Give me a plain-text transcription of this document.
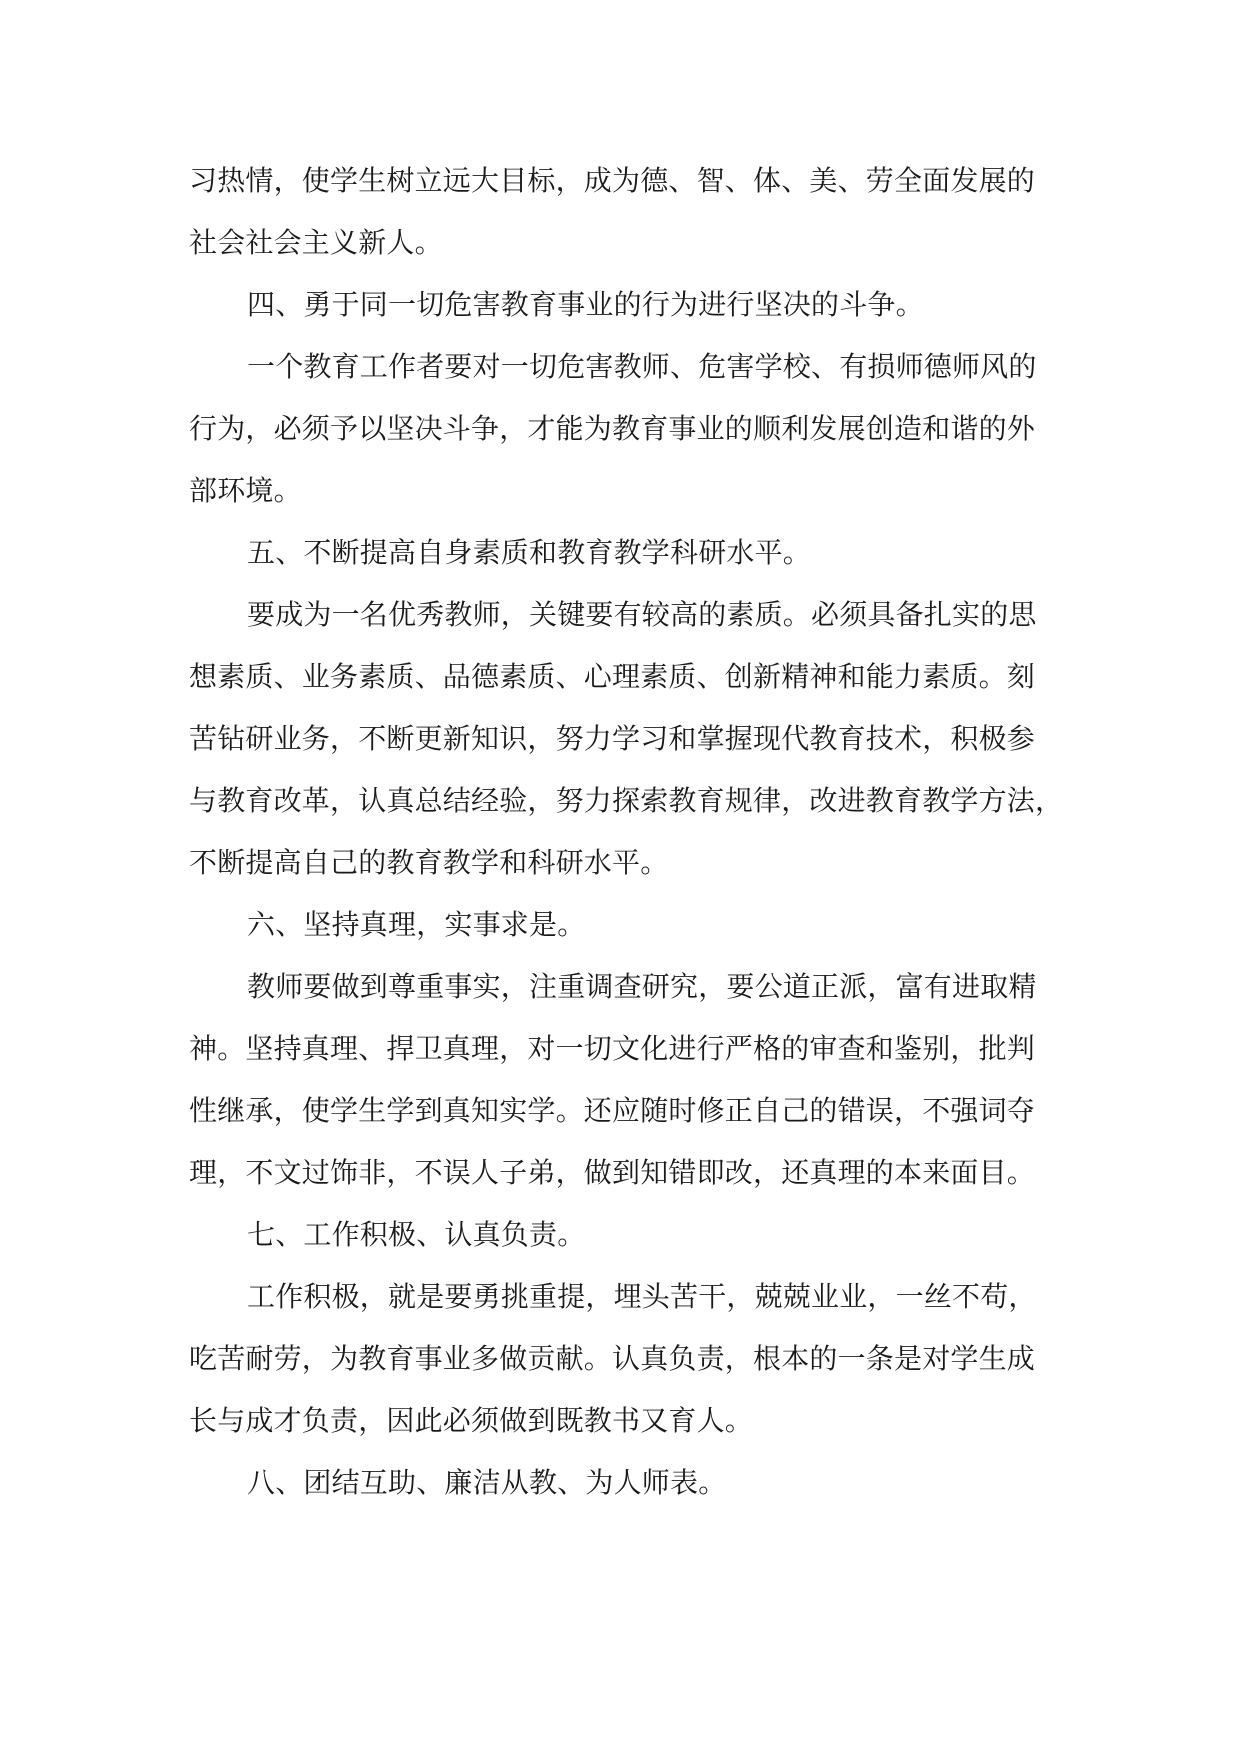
习热情，使学生树立远大目标，成为德、智、体、美、劳全面发展的
社会社会主义新人。
四、勇于同一切危害教育事业的行为进行坚决的斗争。
一个教育工作者要对一切危害教师、危害学校、有损师德师风的
行为，必须予以坚决斗争，才能为教育事业的顺利发展创造和谐的外
部环境。
五、不断提高自身素质和教育教学科研水平。
要成为一名优秀教师，关键要有较高的素质。必须具备扎实的思
想素质、业务素质、品德素质、心理素质、创新精神和能力素质。刻
苦钻研业务，不断更新知识，努力学习和掌握现代教育技术，积极参
与教育改革，认真总结经验，努力探索教育规律，改进教育教学方法，
不断提高自己的教育教学和科研水平。
六、坚持真理，实事求是。
教师要做到尊重事实，注重调查研究，要公道正派，富有进取精
神。坚持真理、捍卫真理，对一切文化进行严格的审查和鉴别，批判
性继承，使学生学到真知实学。还应随时修正自己的错误，不强词夺
理，不文过饰非，不误人子弟，做到知错即改，还真理的本来面目。
七、工作积极、认真负责。
工作积极，就是要勇挑重提，埋头苦干，兢兢业业，一丝不苟，
吃苦耐劳，为教育事业多做贡献。认真负责，根本的一条是对学生成
长与成才负责，因此必须做到既教书又育人。
八、团结互助、廉洁从教、为人师表。
